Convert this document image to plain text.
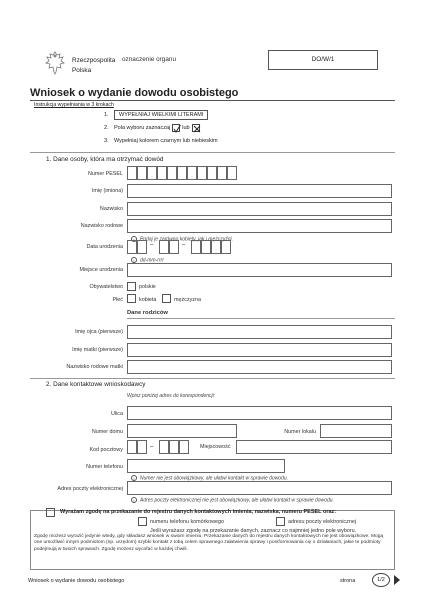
Rzeczpospolita
Polska
oznaczenie organu	DO/W/1
Wniosek o wydanie dowodu osobistego
Instrukcja wypełniania w 3 krokach
1.	WYPEŁNIAJ WIELKIMI LITERAMI
2. Pola wyboru zaznaczaj lub
3. Wypełniaj kolorem czarnym lub niebieskim
1. Dane osoby, która ma otrzymać dowód
Numer PESEL
Imię (imiona)
Nazwisko
Nazwisko rodowe
i Podaj je zarówno kobiety, jak i mężczyźni.
Data urodzenia	–	–
i dd-mm-rrrr
Miejsce urodzenia
Obywatelstwo	polskie
Płeć	kobieta	mężczyzna
Dane rodziców
Imię ojca (pierwsze)
Imię matki (pierwsze)
Nazwisko rodowe matki
2. Dane kontaktowe wnioskodawcy
Wpisz poniżej adres do korespondencji:
Ulica
Numer domu	Numer lokalu
Kod pocztowy	–	Miejscowość
Numer telefonu
i Numer nie jest obowiązkowy, ale ułatwi kontakt w sprawie dowodu.
Adres poczty elektronicznej
i Adres poczty elektronicznej nie jest obowiązkowy, ale ułatwi kontakt w sprawie dowodu.
Wyrażam zgodę na przekazanie do rejestru danych kontaktowych imienia, nazwiska, numeru PESEL oraz:
numeru telefonu komórkowego	adresu poczty elektronicznej
Jeśli wyrażasz zgodę na przekazanie danych, zaznacz co najmniej jedno pole wyboru.
Zgodę możesz wyrazić jedynie wtedy, gdy składasz wniosek w swoim imieniu. Przekazanie danych do rejestru danych kontaktowych nie jest obowiązkowe. Mogą one umożliwić innym podmiotom (np. urzędom) szybki kontakt z tobą celem sprawnego załatwienia sprawy i poinformowania cię o działaniach, jakie te podmioty podejmują w twoich sprawach. Zgodę możesz wycofać w każdej chwili.
Wniosek o wydanie dowodu osobistego	strona	1/2
